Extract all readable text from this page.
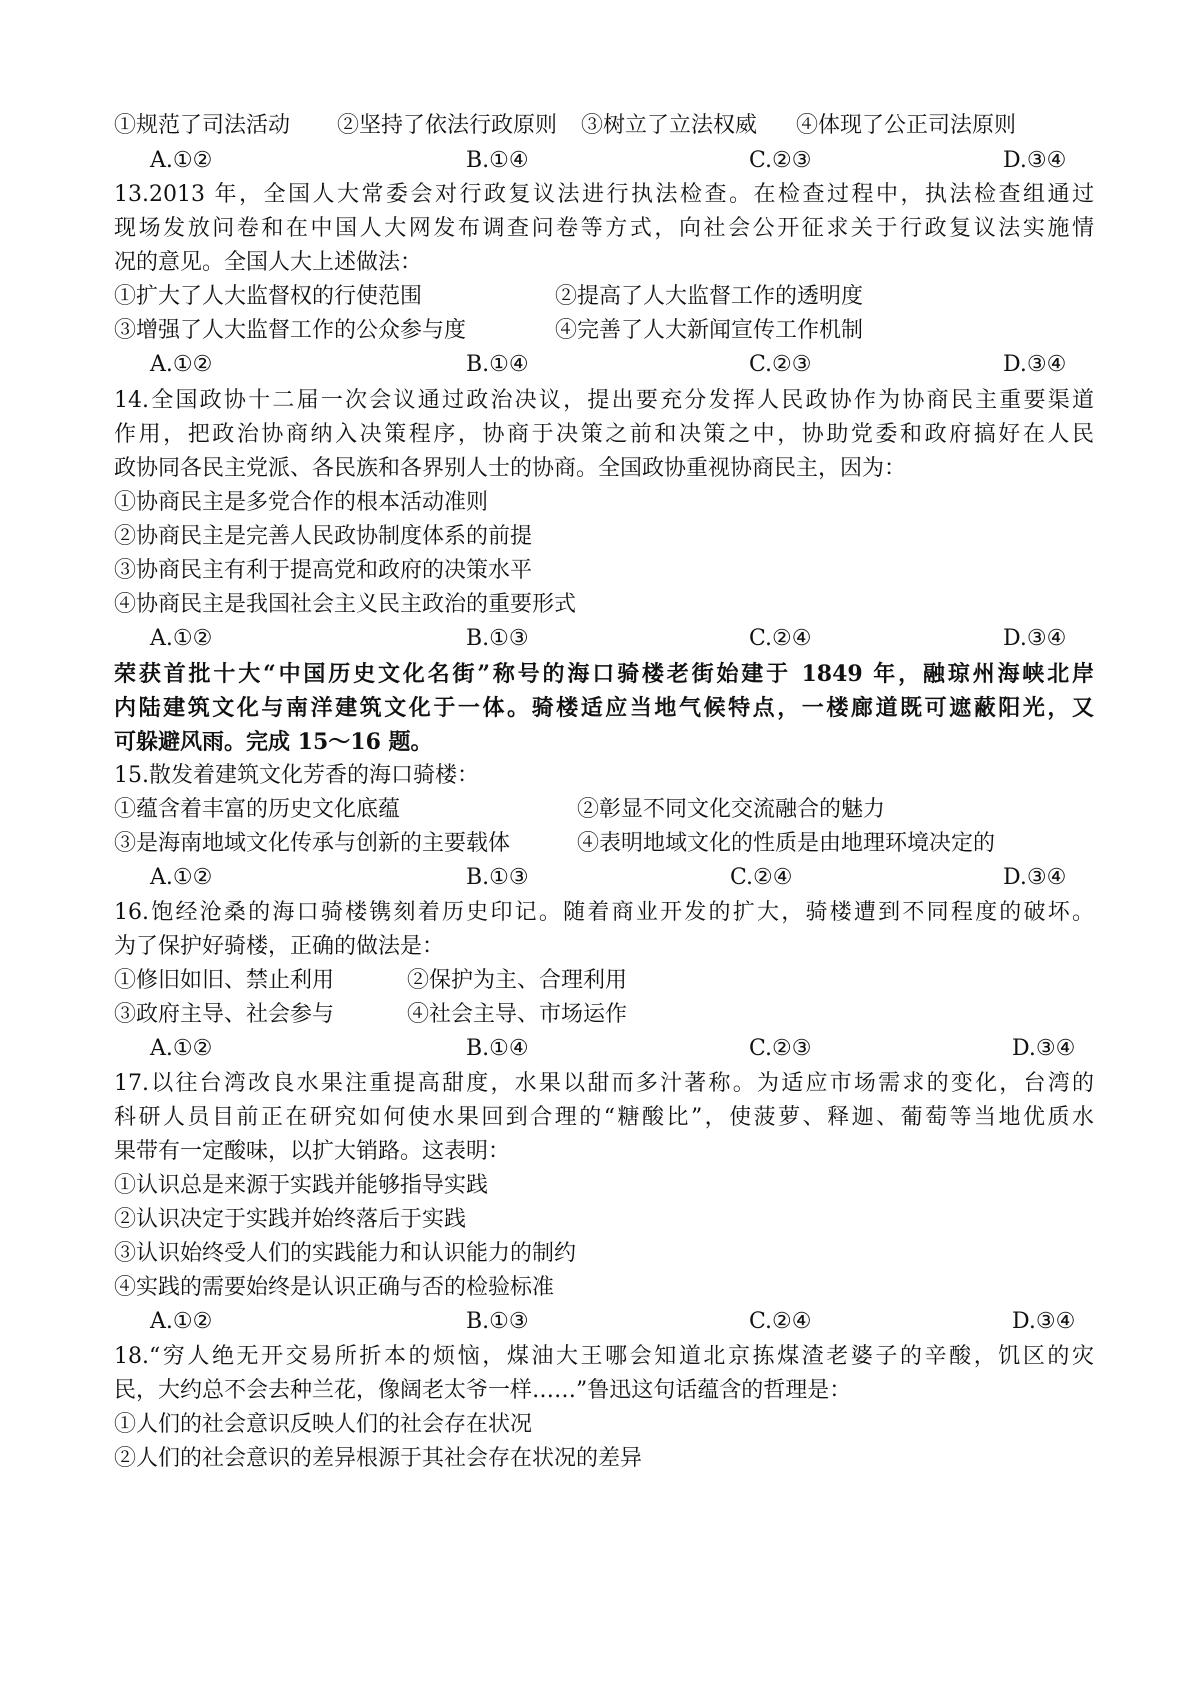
①规范了司法活动 ②坚持了依法行政原则 ③树立了立法权威 ④体现了公正司法原则
A.①②	B.①④	C.②③	D.③④
13.2013 年，全国人大常委会对行政复议法进行执法检查。在检查过程中，执法检查组通过
现场发放问卷和在中国人大网发布调查问卷等方式，向社会公开征求关于行政复议法实施情
况的意见。全国人大上述做法：
①扩大了人大监督权的行使范围	②提高了人大监督工作的透明度
③增强了人大监督工作的公众参与度	④完善了人大新闻宣传工作机制
A.①②	B.①④	C.②③	D.③④
14.全国政协十二届一次会议通过政治决议，提出要充分发挥人民政协作为协商民主重要渠道
作用，把政治协商纳入决策程序，协商于决策之前和决策之中，协助党委和政府搞好在人民
政协同各民主党派、各民族和各界别人士的协商。全国政协重视协商民主，因为：
①协商民主是多党合作的根本活动准则
②协商民主是完善人民政协制度体系的前提
③协商民主有利于提高党和政府的决策水平
④协商民主是我国社会主义民主政治的重要形式
A.①②	B.①③	C.②④	D.③④
荣获首批十大“中国历史文化名街”称号的海口骑楼老街始建于 1849 年，融琼州海峡北岸
内陆建筑文化与南洋建筑文化于一体。骑楼适应当地气候特点，一楼廊道既可遮蔽阳光，又
可躲避风雨。完成 15～16 题。
15.散发着建筑文化芳香的海口骑楼：
①蕴含着丰富的历史文化底蕴	②彰显不同文化交流融合的魅力
③是海南地域文化传承与创新的主要载体	④表明地域文化的性质是由地理环境决定的
A.①②	B.①③	C.②④	D.③④
16.饱经沧桑的海口骑楼镌刻着历史印记。随着商业开发的扩大，骑楼遭到不同程度的破坏。
为了保护好骑楼，正确的做法是：
①修旧如旧、禁止利用	②保护为主、合理利用
③政府主导、社会参与	④社会主导、市场运作
A.①②	B.①④	C.②③	D.③④
17.以往台湾改良水果注重提高甜度，水果以甜而多汁著称。为适应市场需求的变化，台湾的
科研人员目前正在研究如何使水果回到合理的“糖酸比”，使菠萝、释迦、葡萄等当地优质水
果带有一定酸味，以扩大销路。这表明：
①认识总是来源于实践并能够指导实践
②认识决定于实践并始终落后于实践
③认识始终受人们的实践能力和认识能力的制约
④实践的需要始终是认识正确与否的检验标准
A.①②	B.①③	C.②④	D.③④
18.“穷人绝无开交易所折本的烦恼，煤油大王哪会知道北京拣煤渣老婆子的辛酸，饥区的灾
民，大约总不会去种兰花，像阔老太爷一样……”鲁迅这句话蕴含的哲理是：
①人们的社会意识反映人们的社会存在状况
②人们的社会意识的差异根源于其社会存在状况的差异
